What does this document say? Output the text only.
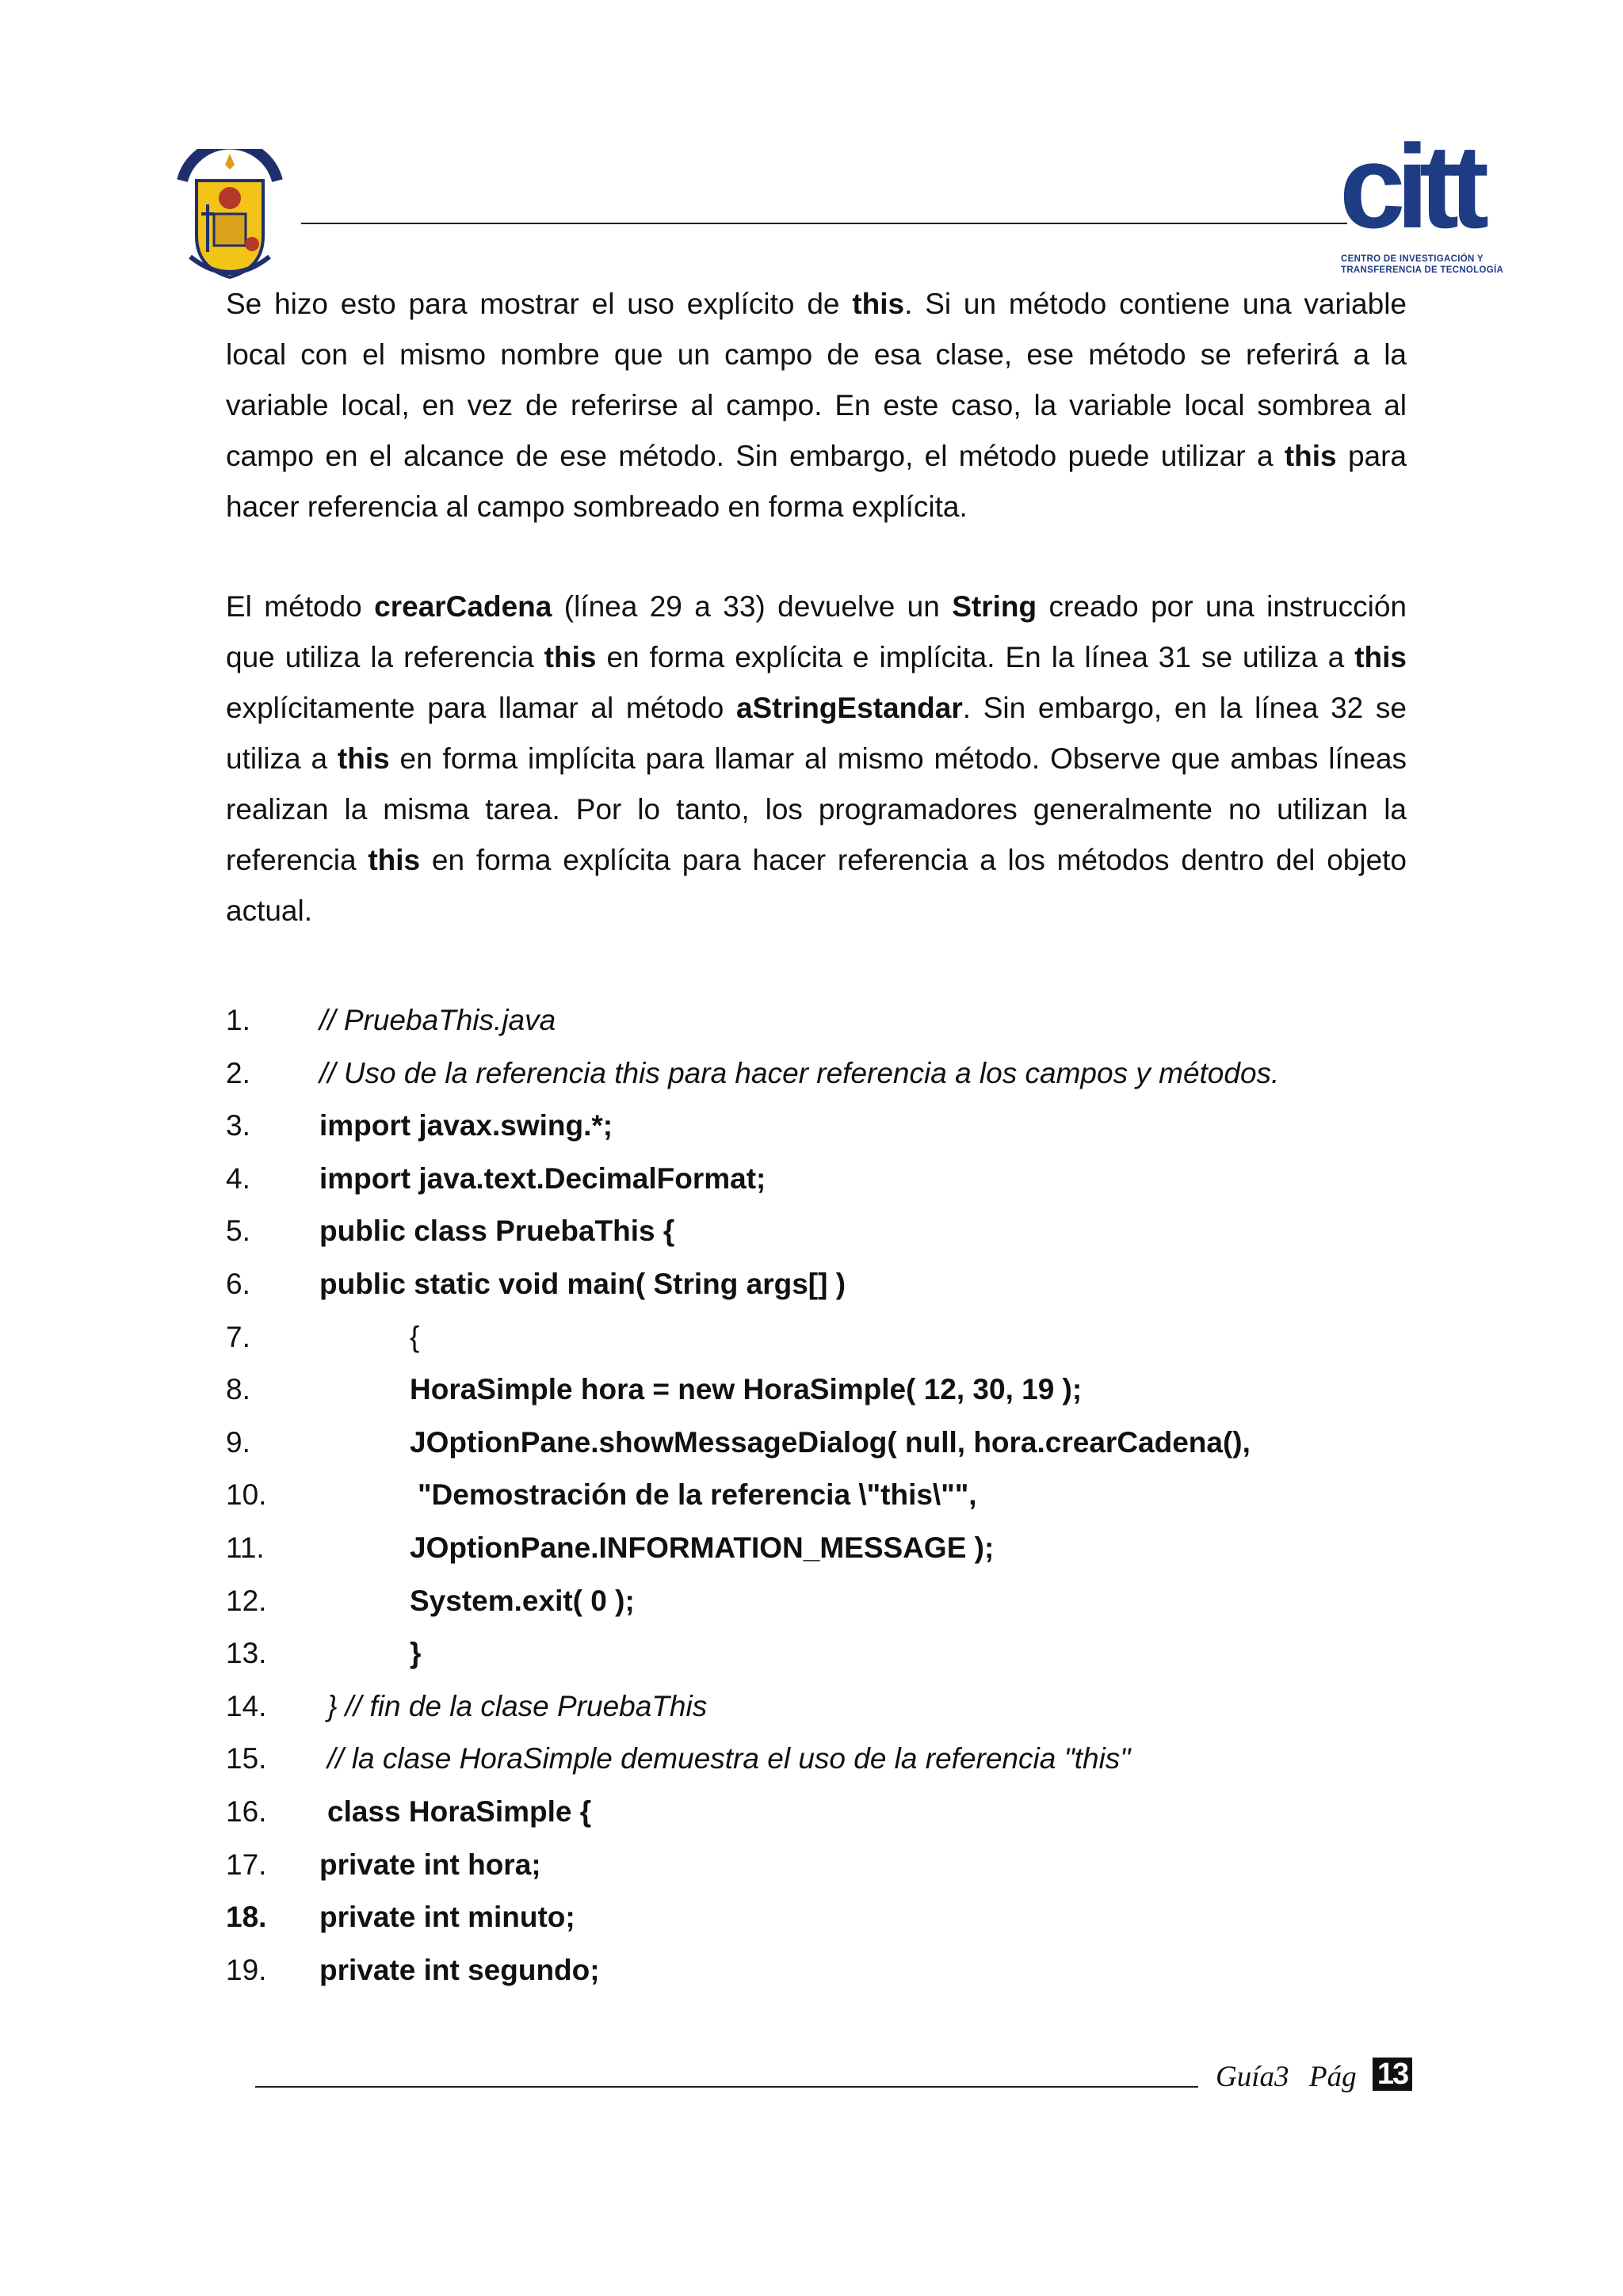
citt
CENTRO DE INVESTIGACIÓN Y
TRANSFERENCIA DE TECNOLOGÍA
Se hizo esto para mostrar el uso explícito de this. Si un método contiene una variable local con el mismo nombre que un campo de esa clase, ese método se referirá a la variable local, en vez de referirse al campo. En este caso, la variable local sombrea al campo en el alcance de ese método. Sin embargo, el método puede utilizar a this para hacer referencia al campo sombreado en forma explícita.
El método crearCadena (línea 29 a 33) devuelve un String creado por una instrucción que utiliza la referencia this en forma explícita e implícita. En la línea 31 se utiliza a this explícitamente para llamar al método aStringEstandar. Sin embargo, en la línea 32 se utiliza a this en forma implícita para llamar al mismo método. Observe que ambas líneas realizan la misma tarea. Por lo tanto, los programadores generalmente no utilizan la referencia this en forma explícita para hacer referencia a los métodos dentro del objeto actual.
1. // PruebaThis.java
2. // Uso de la referencia this para hacer referencia a los campos y métodos.
3. import javax.swing.*;
4. import java.text.DecimalFormat;
5. public class PruebaThis {
6. public static void main( String args[] )
7.	{
8.	HoraSimple hora = new HoraSimple( 12, 30, 19 );
9.	JOptionPane.showMessageDialog( null, hora.crearCadena(),
10.	"Demostración de la referencia \"this\"",
11.	JOptionPane.INFORMATION_MESSAGE );
12.	System.exit( 0 );
13.	}
14. } // fin de la clase PruebaThis
15. // la clase HoraSimple demuestra el uso de la referencia "this"
16. class HoraSimple {
17. private int hora;
18. private int minuto;
19. private int segundo;
Guía3 Pág 13
